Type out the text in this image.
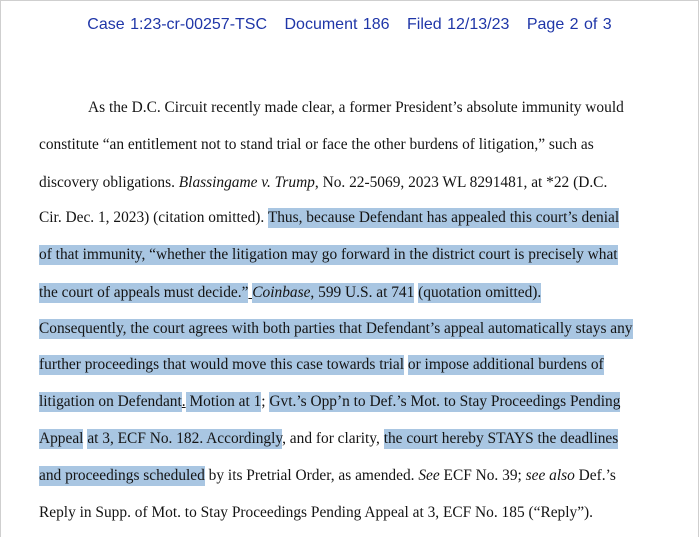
Case 1:23-cr-00257-TSC Document 186 Filed 12/13/23 Page 2 of 3
As the D.C. Circuit recently made clear, a former President’s absolute immunity would
constitute “an entitlement not to stand trial or face the other burdens of litigation,” such as
discovery obligations. Blassingame v. Trump, No. 22-5069, 2023 WL 8291481, at *22 (D.C.
Cir. Dec. 1, 2023) (citation omitted). Thus, because Defendant has appealed this court’s denial
of that immunity, “whether the litigation may go forward in the district court is precisely what
the court of appeals must decide.” Coinbase, 599 U.S. at 741 (quotation omitted).
Consequently, the court agrees with both parties that Defendant’s appeal automatically stays any
further proceedings that would move this case towards trial or impose additional burdens of
litigation on Defendant. Motion at 1; Gvt.’s Opp’n to Def.’s Mot. to Stay Proceedings Pending
Appeal at 3, ECF No. 182. Accordingly, and for clarity, the court hereby STAYS the deadlines
and proceedings scheduled by its Pretrial Order, as amended. See ECF No. 39; see also Def.’s
Reply in Supp. of Mot. to Stay Proceedings Pending Appeal at 3, ECF No. 185 (“Reply”).
